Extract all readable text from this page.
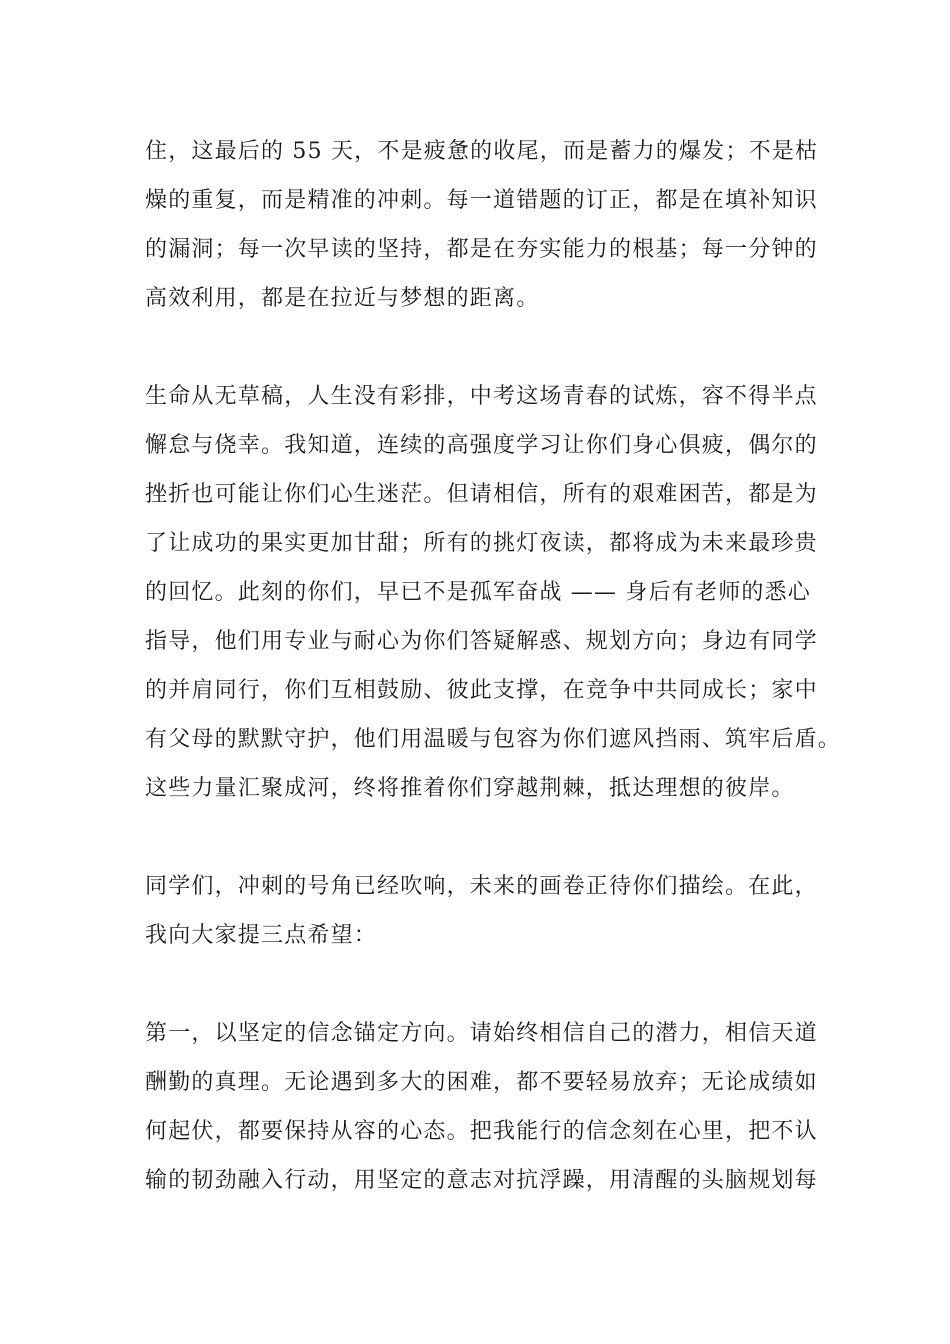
住，这最后的 55 天，不是疲惫的收尾，而是蓄力的爆发；不是枯
燥的重复，而是精准的冲刺。每一道错题的订正，都是在填补知识
的漏洞；每一次早读的坚持，都是在夯实能力的根基；每一分钟的
高效利用，都是在拉近与梦想的距离。
生命从无草稿，人生没有彩排，中考这场青春的试炼，容不得半点
懈怠与侥幸。我知道，连续的高强度学习让你们身心俱疲，偶尔的
挫折也可能让你们心生迷茫。但请相信，所有的艰难困苦，都是为
了让成功的果实更加甘甜；所有的挑灯夜读，都将成为未来最珍贵
的回忆。此刻的你们，早已不是孤军奋战 —— 身后有老师的悉心
指导，他们用专业与耐心为你们答疑解惑、规划方向；身边有同学
的并肩同行，你们互相鼓励、彼此支撑，在竞争中共同成长；家中
有父母的默默守护，他们用温暖与包容为你们遮风挡雨、筑牢后盾。
这些力量汇聚成河，终将推着你们穿越荆棘，抵达理想的彼岸。
同学们，冲刺的号角已经吹响，未来的画卷正待你们描绘。在此，
我向大家提三点希望：
第一，以坚定的信念锚定方向。请始终相信自己的潜力，相信天道
酬勤的真理。无论遇到多大的困难，都不要轻易放弃；无论成绩如
何起伏，都要保持从容的心态。把我能行的信念刻在心里，把不认
输的韧劲融入行动，用坚定的意志对抗浮躁，用清醒的头脑规划每
